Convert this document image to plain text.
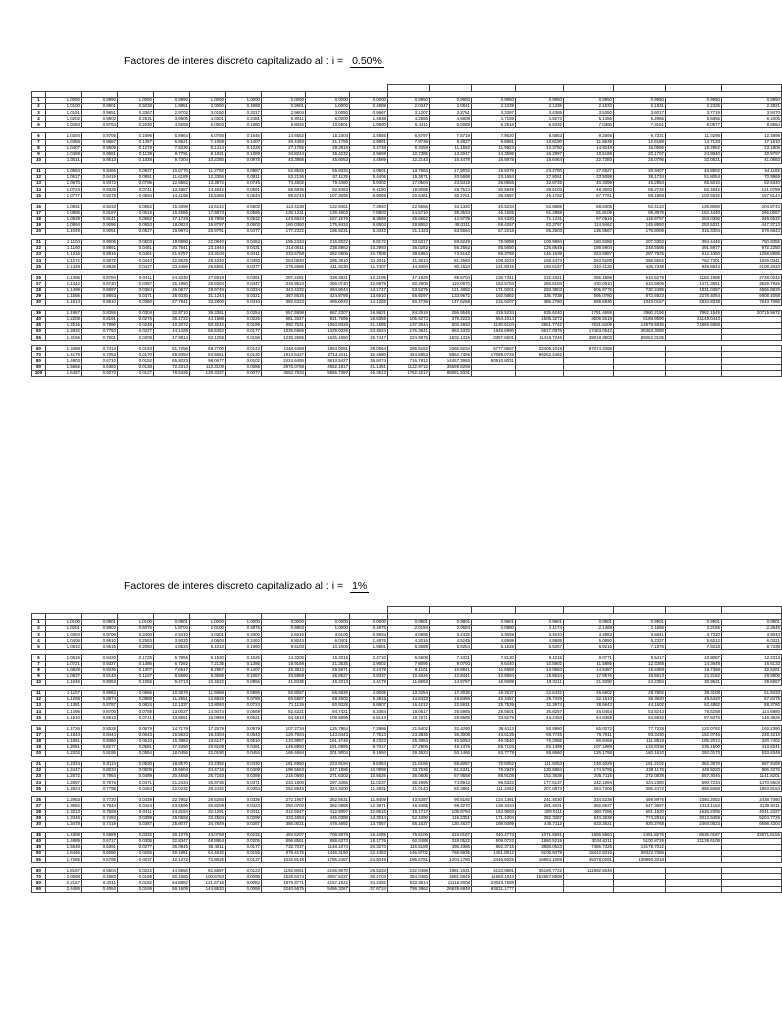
Factores de interes discreto capitalizado al : i = 0.50%

1	1.0050	0.9950	1.0050	0.9950	1.0000	1.0000	0.0000	0.0000	0.0000	0.9950	0.9950	0.9950	0.9950	0.9950	0.9950	0.9950	0.9950
2	1.0100	0.9901	0.5038	1.9851	2.0050	0.4988	0.9901	1.0000	0.4988	2.0347	2.0841	2.1039	2.1336	2.1633	2.1831	2.2326	2.2821
3	1.0151	0.9851	0.3367	2.9702	3.0150	0.3317	2.9604	3.0050	0.9967	3.1207	3.2761	3.3397	3.4365	3.5350	3.6017	3.7719	3.9470
4	1.0202	0.9802	0.2531	3.9505	4.0301	0.2481	5.9011	6.0200	1.4938	4.2555	4.5808	4.7169	4.9273	5.1456	5.2956	5.6865	6.1006
5	1.0253	0.9754	0.2030	4.9259	5.0503	0.1980	9.8026	10.0501	1.9900	5.4411	6.0089	6.2516	6.6332	7.0366	7.3161	8.0677	8.8864

6	1.0304	0.9705	0.1696	5.8964	6.0755	0.1646	14.6552	15.1004	2.4855	6.6797	7.5719	7.9620	8.5853	9.2569	9.7331	11.0295	12.4898
7	1.0355	0.9657	0.1457	6.8621	7.1059	0.1407	20.4493	21.1759	2.9801	7.9738	9.2827	9.8681	10.8190	11.8639	12.6188	14.7133	17.1510
8	1.0407	0.9609	0.1278	7.8230	8.1414	0.1228	27.1755	28.2818	3.4738	9.3259	11.1552	11.9923	13.3750	14.9248	16.0596	19.2962	23.1805
9	1.0459	0.9561	0.1139	8.7791	9.1821	0.1089	34.8244	36.4232	3.9668	10.7385	13.2047	14.3596	16.2997	18.5186	20.1707	24.9940	30.9797
10	1.0511	0.9513	0.1028	9.7304	10.2280	0.0978	43.3865	45.6053	4.4589	12.2143	15.4479	16.5978	19.6464	22.7383	25.0795	32.0821	41.0683

11	1.0564	0.9466	0.0937	10.6770	11.2792	0.0887	52.8526	55.8333	4.9501	13.7563	17.9032	19.9378	23.4760	27.6927	30.9407	40.8902	54.1182
12	1.0617	0.9419	0.0861	11.6189	12.3356	0.0811	63.2136	67.1125	5.4406	15.3671	20.5698	23.1654	27.8061	33.5098	38.1734	51.8054	70.9969
13	1.0670	0.9372	0.0796	12.5562	13.3972	0.0746	74.4602	79.4480	5.9302	17.0504	23.5319	26.8656	32.8725	40.3399	46.2954	65.5010	92.8340
14	1.0723	0.9326	0.0741	13.4887	14.4642	0.0691	86.5835	92.8453	6.4190	18.8088	26.7514	30.5949	38.6103	48.3593	56.2732	82.4642	121.0788
15	1.0777	0.9279	0.0694	14.4166	15.5365	0.0644	99.5743	107.3095	6.9069	20.6461	30.2751	35.4697	45.1762	57.7761	68.1868	103.5632	157.6144

16	1.0831	0.9233	0.0652	15.3399	16.6142	0.0602	113.4238	122.8461	7.3940	22.5655	34.1320	40.5234	52.6889	68.8305	82.4122	129.8050	204.8744
17	1.0885	0.9187	0.0615	16.2586	17.6973	0.0565	128.1231	139.4603	7.8803	24.5710	38.3534	46.1555	61.2858	81.8109	99.3976	162.4440	266.0067
18	1.0939	0.9141	0.0582	17.1728	18.7858	0.0532	143.6634	157.1576	8.3658	26.6662	42.9739	52.4320	71.1231	97.0516	119.8787	203.0396	345.0632
19	1.0994	0.9096	0.0553	18.0824	19.8797	0.0503	160.0360	175.9434	8.8504	28.8552	48.0311	59.4267	82.3797	114.9462	145.8950	253.5321	447.3713
20	1.1049	0.9051	0.0527	18.9874	20.9791	0.0477	177.2322	195.8231	9.3342	31.1423	53.5664	67.2218	95.2603	135.9567	178.8099	316.3304	579.6843

21	1.1104	0.9006	0.0503	19.8880	22.0840	0.0453	195.2434	216.8022	9.8172	33.5317	59.6249	75.9088	109.9994	160.6258	207.3353	394.4446	750.8355
22	1.1160	0.8961	0.0481	20.7841	23.1944	0.0431	214.0611	238.8862	10.2993	36.0282	66.2562	85.5650	126.8649	189.5904	248.5595	491.5977	972.2250
23	1.1216	0.8916	0.0461	21.6757	24.3104	0.0411	233.6768	262.0806	10.7806	38.6364	73.5142	96.3788	146.1639	223.5987	297.7825	612.4350	1258.5995
24	1.1272	0.8872	0.0443	22.5629	25.4320	0.0393	254.0820	286.3910	11.2611	41.3614	81.4583	108.4023	168.4473	263.5289	356.5562	762.7301	1629.0341
25	1.1328	0.8828	0.0427	23.4456	26.5591	0.0377	275.2686	311.8230	11.7407	44.2084	90.1534	121.8015	193.5167	310.4120	426.7338	949.8643	2108.2033

26	1.1385	0.8784	0.0411	24.3240	27.6919	0.0361	297.2281	338.3821	12.2195	47.1829	99.6704	136.7341	222.4321	365.4588	510.5279	1182.1695	2728.0242
27	1.1442	0.8740	0.0397	25.1980	28.8304	0.0347	319.9523	366.0740	12.6975	50.2906	110.0870	153.5753	255.5193	430.0910	610.5806	1471.3551	3529.7826
28	1.1499	0.8697	0.0384	26.0677	29.9745	0.0334	343.4332	394.9044	13.1747	53.5375	121.4882	171.9201	293.3803	505.9775	730.2485	1831.0387	4566.8829
29	1.1556	0.8653	0.0371	26.9330	31.1244	0.0321	367.6625	424.8789	13.6510	56.9297	133.9672	192.5882	336.7038	595.0780	872.6923	2278.4064	5908.4058
30	1.1614	0.8610	0.0360	27.7941	32.2800	0.0310	392.6324	456.0033	14.1265	60.4738	147.6258	215.6207	386.2780	699.6936	1043.0157	2834.8338	7643.7086

36	1.1967	0.8356	0.0304	32.8710	39.3361	0.0254	557.5598	667.2207	16.9621	84.2516	266.9548	418.5234	835.6240	1781.4658	2960.2156	7862.1545	20715.5672
40	1.2208	0.8191	0.0276	36.1722	44.1588	0.0226	681.3347	831.7695	18.8359	105.9273	379.2223	654.1014	1505.3272	3509.6518	6188.9590	21149.0443	
45	1.2516	0.7990	0.0249	40.2072	50.3242	0.0199	850.7631	1064.8328	21.1595	137.3044	602.4934	1130.6104	2961.7742	7631.6209	14979.5935	74866.5868	
50	1.2832	0.7793	0.0227	44.1428	56.6452	0.0177	1035.6966	1329.0326	23.4624	176.3641	952.4332	1949.6990	5817.0976	17483.0542	36363.3080		
55	1.3156	0.7601	0.0208	47.9814	63.1258	0.0158	1235.2686	1625.1550	25.7447	224.9875	1502.1315	3357.6601	11418.7246	39018.3503	88262.3105		

60	1.3489	0.7414	0.0193	51.7256	69.7700	0.0143	1448.6458	1954.0061	28.0064	285.5162	2365.8234	5777.8557	22405.1019	87074.3386			
70	1.4178	0.7053	0.0170	58.9394	83.5661	0.0120	1913.6427	2713.2211	32.4680	454.6653	5852.7456	17089.0725	86262.4462				
80	1.4903	0.6710	0.0152	65.8023	98.0677	0.0102	2424.6455	3613.5427	36.8474	716.7812	14457.3993	50510.8031					
90	1.5666	0.6383	0.0138	72.3313	113.3109	0.0088	2976.0769	4662.1817	41.1451	1122.9712	35699.8259						
100	1.6467	0.6073	0.0127	78.5426	129.3337	0.0077	3562.7934	5866.7397	45.3613	1752.4217	88081.9331						
Factores de interes discreto capitalizado al : i = 1%

1	1.0100	0.9901	1.0100	0.9901	1.0000	1.0000	0.0000	0.0000	0.0000	0.9901	0.9901	0.9901	0.9901	0.9901	0.9901	0.9901	0.9901
2	1.0201	0.9803	0.5075	1.9704	2.0100	0.4975	0.9803	1.0000	0.4975	2.0194	2.0684	2.0880	2.1174	2.1468	2.1665	2.2155	2.2645
3	1.0303	0.9706	0.3400	2.9410	3.0301	0.3300	2.9215	3.0100	0.9934	3.0895	3.2428	3.3059	3.4010	3.4983	3.5641	3.7320	3.9040
4	1.0406	0.9610	0.2563	3.9020	4.0604	0.2463	5.8044	6.0401	1.4876	4.2016	4.5249	4.6599	4.8685	5.0850	5.2337	5.6212	6.0321
5	1.0510	0.9515	0.2060	4.8534	5.1010	0.1960	9.6103	10.1005	1.9801	5.3588	5.9254	6.1528	6.5257	6.9216	7.1976	7.9318	8.7338

6	1.0615	0.9420	0.1725	5.7955	6.1520	0.1625	14.3205	15.2015	2.4710	6.5608	7.4321	7.8130	8.4215	9.0771	9.5417	10.8087	12.2313
7	1.0721	0.9327	0.1486	6.7282	7.2135	0.1386	19.9168	21.3535	2.9602	7.8095	9.0760	9.6440	10.5902	11.5885	12.3268	14.3648	16.6133
8	1.0829	0.9235	0.1307	7.6517	8.2857	0.1207	26.3812	28.5671	3.4478	9.1101	10.8841	11.6958	13.0584	14.5387	15.6358	18.7368	22.5281
9	1.0937	0.9143	0.1167	8.5660	9.3685	0.1067	33.6959	36.8527	3.9337	10.4626	12.8441	13.9594	15.8634	17.9576	19.5613	24.2162	29.9806
10	1.1046	0.9053	0.1056	9.4713	10.4622	0.0956	41.8435	46.2213	4.4179	11.8653	14.9787	16.5089	19.0211	21.9290	24.2384	30.9631	39.5867

11	1.1157	0.8963	0.0965	10.3676	11.5668	0.0865	50.8067	56.6835	4.9005	13.3254	17.3035	19.2537	22.6432	26.6602	29.7882	39.3108	51.9433
12	1.1268	0.8874	0.0888	11.2551	12.6825	0.0788	60.5687	68.2503	5.3815	14.8433	19.8356	22.3457	26.7325	32.1610	36.3820	49.6420	67.8475
13	1.1381	0.8787	0.0824	12.1337	13.8093	0.0724	71.1126	80.9328	5.8607	16.4212	22.5931	25.7539	31.3974	38.5643	44.1602	62.4882	88.3780
14	1.1495	0.8700	0.0769	13.0037	14.9474	0.0669	82.4221	94.7421	6.3384	18.0617	25.5965	29.5601	36.8257	46.0454	53.5243	78.5258	114.6880
15	1.1610	0.8613	0.0721	13.8651	16.0969	0.0621	94.4810	109.6896	6.8143	19.7671	28.8685	33.8279	43.2454	54.8358	64.5832	97.9376	148.3826

16	1.1726	0.8528	0.0679	14.7179	17.2579	0.0579	107.2734	125.7864	7.2886	21.5402	32.4290	38.6113	50.8980	65.0072	77.7228	122.0762	192.2390
17	1.1843	0.8444	0.0643	15.5623	18.4304	0.0543	120.7834	143.0443	7.7613	23.3835	36.3008	43.6139	59.7745	76.7811	93.3430	152.0746	248.4213
18	1.1961	0.8360	0.0610	16.3983	19.6147	0.0510	134.9957	161.4748	8.2323	25.2994	40.5054	49.3540	70.2086	90.8468	111.8819	189.2012	320.7402
19	1.2081	0.8277	0.0581	17.2260	20.8109	0.0481	149.8950	181.0895	8.7017	27.2906	45.1376	55.7103	82.1399	107.1989	133.8336	235.1500	413.8241
20	1.2202	0.8195	0.0554	18.0456	22.0190	0.0454	165.4664	201.9004	9.1694	29.3624	50.1466	62.7779	95.8660	126.1758	160.1610	292.0173	533.8349

21	1.2324	0.8114	0.0530	18.8570	23.2392	0.0430	181.6950	223.9194	9.6354	31.5155	55.6087	70.6052	111.9453	148.4029	191.2102	362.3976	687.9469
22	1.2447	0.8034	0.0509	19.6604	24.4716	0.0409	198.5663	247.1586	10.0998	33.7536	61.5341	79.2949	130.6884	174.5795	228.1176	449.5020	886.3376
23	1.2572	0.7954	0.0489	20.4558	25.7163	0.0389	216.0660	271.6302	10.5626	36.0806	67.9558	88.9108	152.3538	205.7116	272.0838	557.3045	1141.8201
24	1.2697	0.7876	0.0471	21.2434	26.9735	0.0371	234.1800	297.3465	11.0237	38.4995	74.8913	99.5323	177.6137	242.1594	324.2390	690.7234	1470.6603
25	1.2824	0.7798	0.0454	22.0232	28.2432	0.0354	252.8945	324.3200	11.4831	41.0143	82.3861	111.2462	207.0873	284.7306	386.2472	855.8458	1893.8153

26	1.2953	0.7720	0.0439	22.7952	29.5256	0.0339	272.1957	352.5631	11.9409	43.6287	90.5192	124.1481	241.4030	334.5238	459.8976	1060.2052	2438.7080
27	1.3082	0.7644	0.0424	23.5596	30.8209	0.0324	292.0702	382.0888	12.3971	46.3465	99.3270	138.3434	281.4031	392.6937	547.3697	1313.1152	3139.9211
28	1.3213	0.7568	0.0411	24.3164	32.1291	0.0311	312.5047	412.9097	12.8516	49.1717	108.8784	153.9503	328.0111	460.7286	651.1620	1626.2305	4041.2327
29	1.3345	0.7493	0.0399	25.0658	33.4504	0.0299	333.4863	445.0388	13.3044	52.1090	119.2351	171.1004	382.3287	540.2838	774.2815	2013.9459	5204.7726
30	1.3478	0.7419	0.0387	25.8077	34.7849	0.0287	355.0021	478.4892	13.7557	55.1637	130.4627	189.9399	445.7112	633.2621	920.2768	2493.0523	6698.4304

36	1.4308	0.6989	0.0332	30.1075	43.0769	0.0232	494.6207	708.6878	16.4285	75.6106	223.0187	340.4773	1071.6651	1566.5963	2451.8276	8536.0187	32871.6155
40	1.4889	0.6717	0.0305	32.8347	48.8864	0.0205	596.8561	888.6373	18.1776	92.3498	318.0522	509.0722	1860.5219	3034.8211	5100.8726	21139.6108	
45	1.5648	0.6391	0.0277	36.0945	56.4811	0.0177	733.7037	1148.1074	20.3273	116.5189	495.4386	862.3718	3888.0523	7486.7326	14176.7012		
50	1.6446	0.6080	0.0255	39.1961	64.4632	0.0155	879.4176	1446.3160	22.4363	146.9702	768.6935	1451.8012	8105.9478	18442.8315	39322.7066		
55	1.7285	0.5785	0.0237	42.1472	72.8525	0.0137	1032.8148	1785.2457	24.5049	186.6781	1204.1780	2449.6025	16884.1059	45378.0291	108990.3318		

60	1.8167	0.5504	0.0222	44.9550	81.6697	0.0122	1192.8061	2166.9670	26.5333	232.0488	1881.1531	4123.0891	35180.7722	111592.5546			
70	2.0068	0.4983	0.0199	50.1685	100.6763	0.0099	1528.6474	3067.6337	30.4703	354.0485	4581.5849	11650.1543	152587.8906				
80	2.2167	0.4511	0.0182	54.8882	121.6715	0.0082	1879.8771	4167.1522	34.2492	533.3614	11116.3008	33043.7588					
90	2.4486	0.4084	0.0169	59.1609	144.8633	0.0069	2240.5675	5486.3267	37.8724	799.3962	26939.6848	93631.1777					
